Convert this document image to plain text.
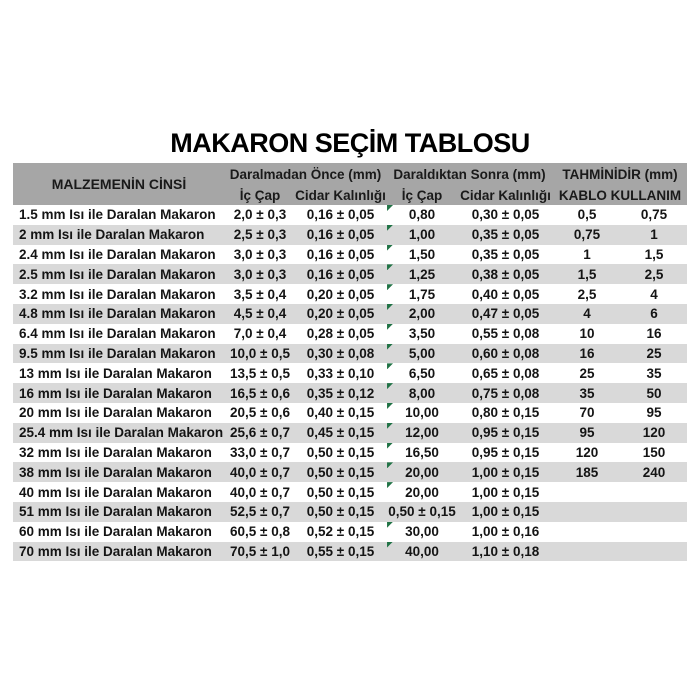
MAKARON SEÇİM TABLOSU
MALZEMENİN CİNSİ	Daralmadan Önce (mm)		Daraldıktan Sonra (mm)		TAHMİNİDİR (mm)	
	İç Çap	Cidar Kalınlığı	İç Çap	Cidar Kalınlığı	KABLO KULLANIM	
1.5 mm Isı ile Daralan Makaron	2,0 ± 0,3	0,16 ± 0,05	0,80	0,30 ± 0,05	0,5	0,75
2 mm Isı ile Daralan Makaron	2,5 ± 0,3	0,16 ± 0,05	1,00	0,35 ± 0,05	0,75	1
2.4 mm Isı ile Daralan Makaron	3,0 ± 0,3	0,16 ± 0,05	1,50	0,35 ± 0,05	1	1,5
2.5 mm Isı ile Daralan Makaron	3,0 ± 0,3	0,16 ± 0,05	1,25	0,38 ± 0,05	1,5	2,5
3.2 mm Isı ile Daralan Makaron	3,5 ± 0,4	0,20 ± 0,05	1,75	0,40 ± 0,05	2,5	4
4.8 mm Isı ile Daralan Makaron	4,5 ± 0,4	0,20 ± 0,05	2,00	0,47 ± 0,05	4	6
6.4 mm Isı ile Daralan Makaron	7,0 ± 0,4	0,28 ± 0,05	3,50	0,55 ± 0,08	10	16
9.5 mm Isı ile Daralan Makaron	10,0 ± 0,5	0,30 ± 0,08	5,00	0,60 ± 0,08	16	25
13 mm Isı ile Daralan Makaron	13,5 ± 0,5	0,33 ± 0,10	6,50	0,65 ± 0,08	25	35
16 mm Isı ile Daralan Makaron	16,5 ± 0,6	0,35 ± 0,12	8,00	0,75 ± 0,08	35	50
20 mm Isı ile Daralan Makaron	20,5 ± 0,6	0,40 ± 0,15	10,00	0,80 ± 0,15	70	95
25.4 mm Isı ile Daralan Makaron	25,6 ± 0,7	0,45 ± 0,15	12,00	0,95 ± 0,15	95	120
32 mm Isı ile Daralan Makaron	33,0 ± 0,7	0,50 ± 0,15	16,50	0,95 ± 0,15	120	150
38 mm Isı ile Daralan Makaron	40,0 ± 0,7	0,50 ± 0,15	20,00	1,00 ± 0,15	185	240
40 mm Isı ile Daralan Makaron	40,0 ± 0,7	0,50 ± 0,15	20,00	1,00 ± 0,15		
51 mm Isı ile Daralan Makaron	52,5 ± 0,7	0,50 ± 0,15	0,50 ± 0,15	1,00 ± 0,15		
60 mm Isı ile Daralan Makaron	60,5 ± 0,8	0,52 ± 0,15	30,00	1,00 ± 0,16		
70 mm Isı ile Daralan Makaron	70,5 ± 1,0	0,55 ± 0,15	40,00	1,10 ± 0,18		
